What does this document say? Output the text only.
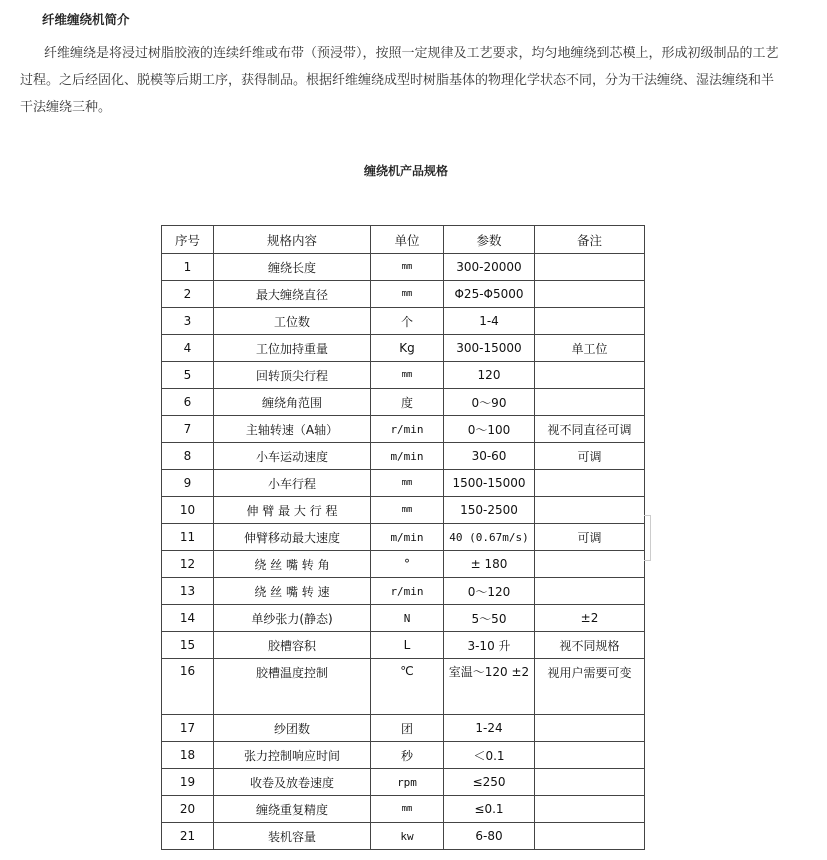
纤维缠绕机简介

纤维缠绕是将浸过树脂胶液的连续纤维或布带（预浸带），按照一定规律及工艺要求，均匀地缠绕到芯模上，形成初级制品的工艺过程。之后经固化、脱模等后期工序，获得制品。根据纤维缠绕成型时树脂基体的物理化学状态不同，分为干法缠绕、湿法缠绕和半干法缠绕三种。

缠绕机产品规格
序号	规格内容	单位	参数	备注
1	缠绕长度	mm	300-20000	
2	最大缠绕直径	mm	Φ25-Φ5000	
3	工位数	个	1-4	
4	工位加持重量	Kg	300-15000	单工位
5	回转顶尖行程	mm	120	
6	缠绕角范围	度	0～90	
7	主轴转速（A轴）	r/min	0～100	视不同直径可调
8	小车运动速度	m/min	30-60	可调
9	小车行程	mm	1500-15000	
10	伸 臂 最 大 行 程	mm	150-2500	
11	伸臂移动最大速度	m/min	40 (0.67m/s)	可调
12	绕 丝 嘴 转 角	°	± 180	
13	绕 丝 嘴 转 速	r/min	0～120	
14	单纱张力(静态)	N	5～50	±2
15	胶槽容积	L	3-10 升	视不同规格
16	胶槽温度控制	℃	室温～120 ±2	视用户需要可变
17	纱团数	团	1-24	
18	张力控制响应时间	秒	＜0.1	
19	收卷及放卷速度	rpm	≤250	
20	缠绕重复精度	mm	≤0.1	
21	装机容量	kw	6-80	
